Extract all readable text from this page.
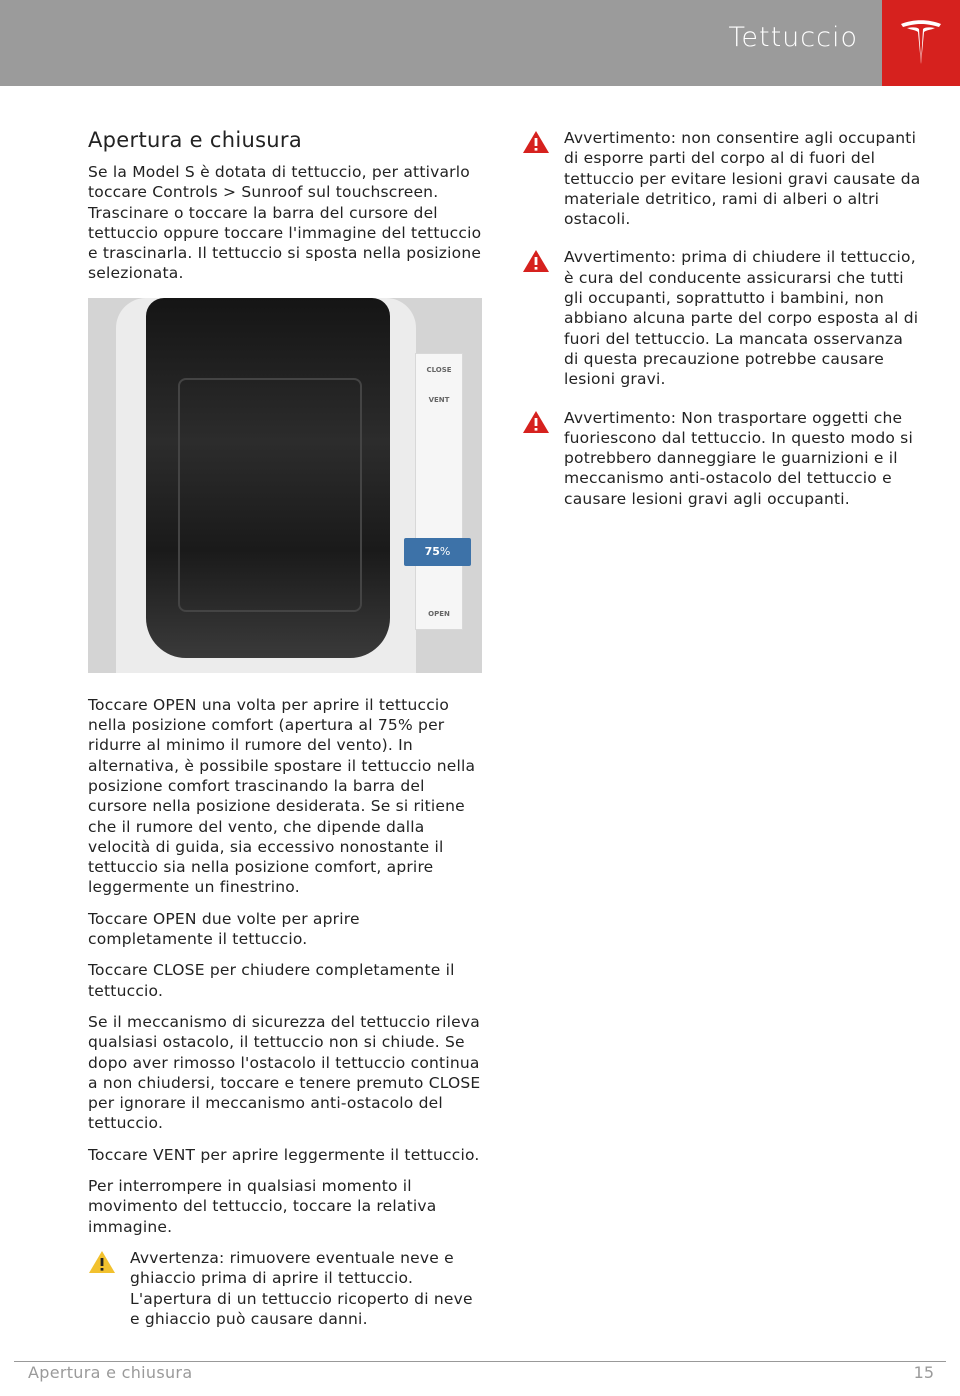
Tettuccio
Apertura e chiusura

Se la Model S è dotata di tettuccio, per attivarlo toccare Controls > Sunroof sul touchscreen. Trascinare o toccare la barra del cursore del tettuccio oppure toccare l'immagine del tettuccio e trascinarla. Il tettuccio si sposta nella posizione selezionata.

CLOSE
VENT
OPEN
75%

Toccare OPEN una volta per aprire il tettuccio nella posizione comfort (apertura al 75% per ridurre al minimo il rumore del vento). In alternativa, è possibile spostare il tettuccio nella posizione comfort trascinando la barra del cursore nella posizione desiderata. Se si ritiene che il rumore del vento, che dipende dalla velocità di guida, sia eccessivo nonostante il tettuccio sia nella posizione comfort, aprire leggermente un finestrino.

Toccare OPEN due volte per aprire completamente il tettuccio.

Toccare CLOSE per chiudere completamente il tettuccio.

Se il meccanismo di sicurezza del tettuccio rileva qualsiasi ostacolo, il tettuccio non si chiude. Se dopo aver rimosso l'ostacolo il tettuccio continua a non chiudersi, toccare e tenere premuto CLOSE per ignorare il meccanismo anti-ostacolo del tettuccio.

Toccare VENT per aprire leggermente il tettuccio.

Per interrompere in qualsiasi momento il movimento del tettuccio, toccare la relativa immagine.

Avvertenza: rimuovere eventuale neve e ghiaccio prima di aprire il tettuccio. L'apertura di un tettuccio ricoperto di neve e ghiaccio può causare danni.

Avvertimento: non consentire agli occupanti di esporre parti del corpo al di fuori del tettuccio per evitare lesioni gravi causate da materiale detritico, rami di alberi o altri ostacoli.

Avvertimento: prima di chiudere il tettuccio, è cura del conducente assicurarsi che tutti gli occupanti, soprattutto i bambini, non abbiano alcuna parte del corpo esposta al di fuori del tettuccio. La mancata osservanza di questa precauzione potrebbe causare lesioni gravi.

Avvertimento: Non trasportare oggetti che fuoriescono dal tettuccio. In questo modo si potrebbero danneggiare le guarnizioni e il meccanismo anti-ostacolo del tettuccio e causare lesioni gravi agli occupanti.

Apertura e chiusura	15
